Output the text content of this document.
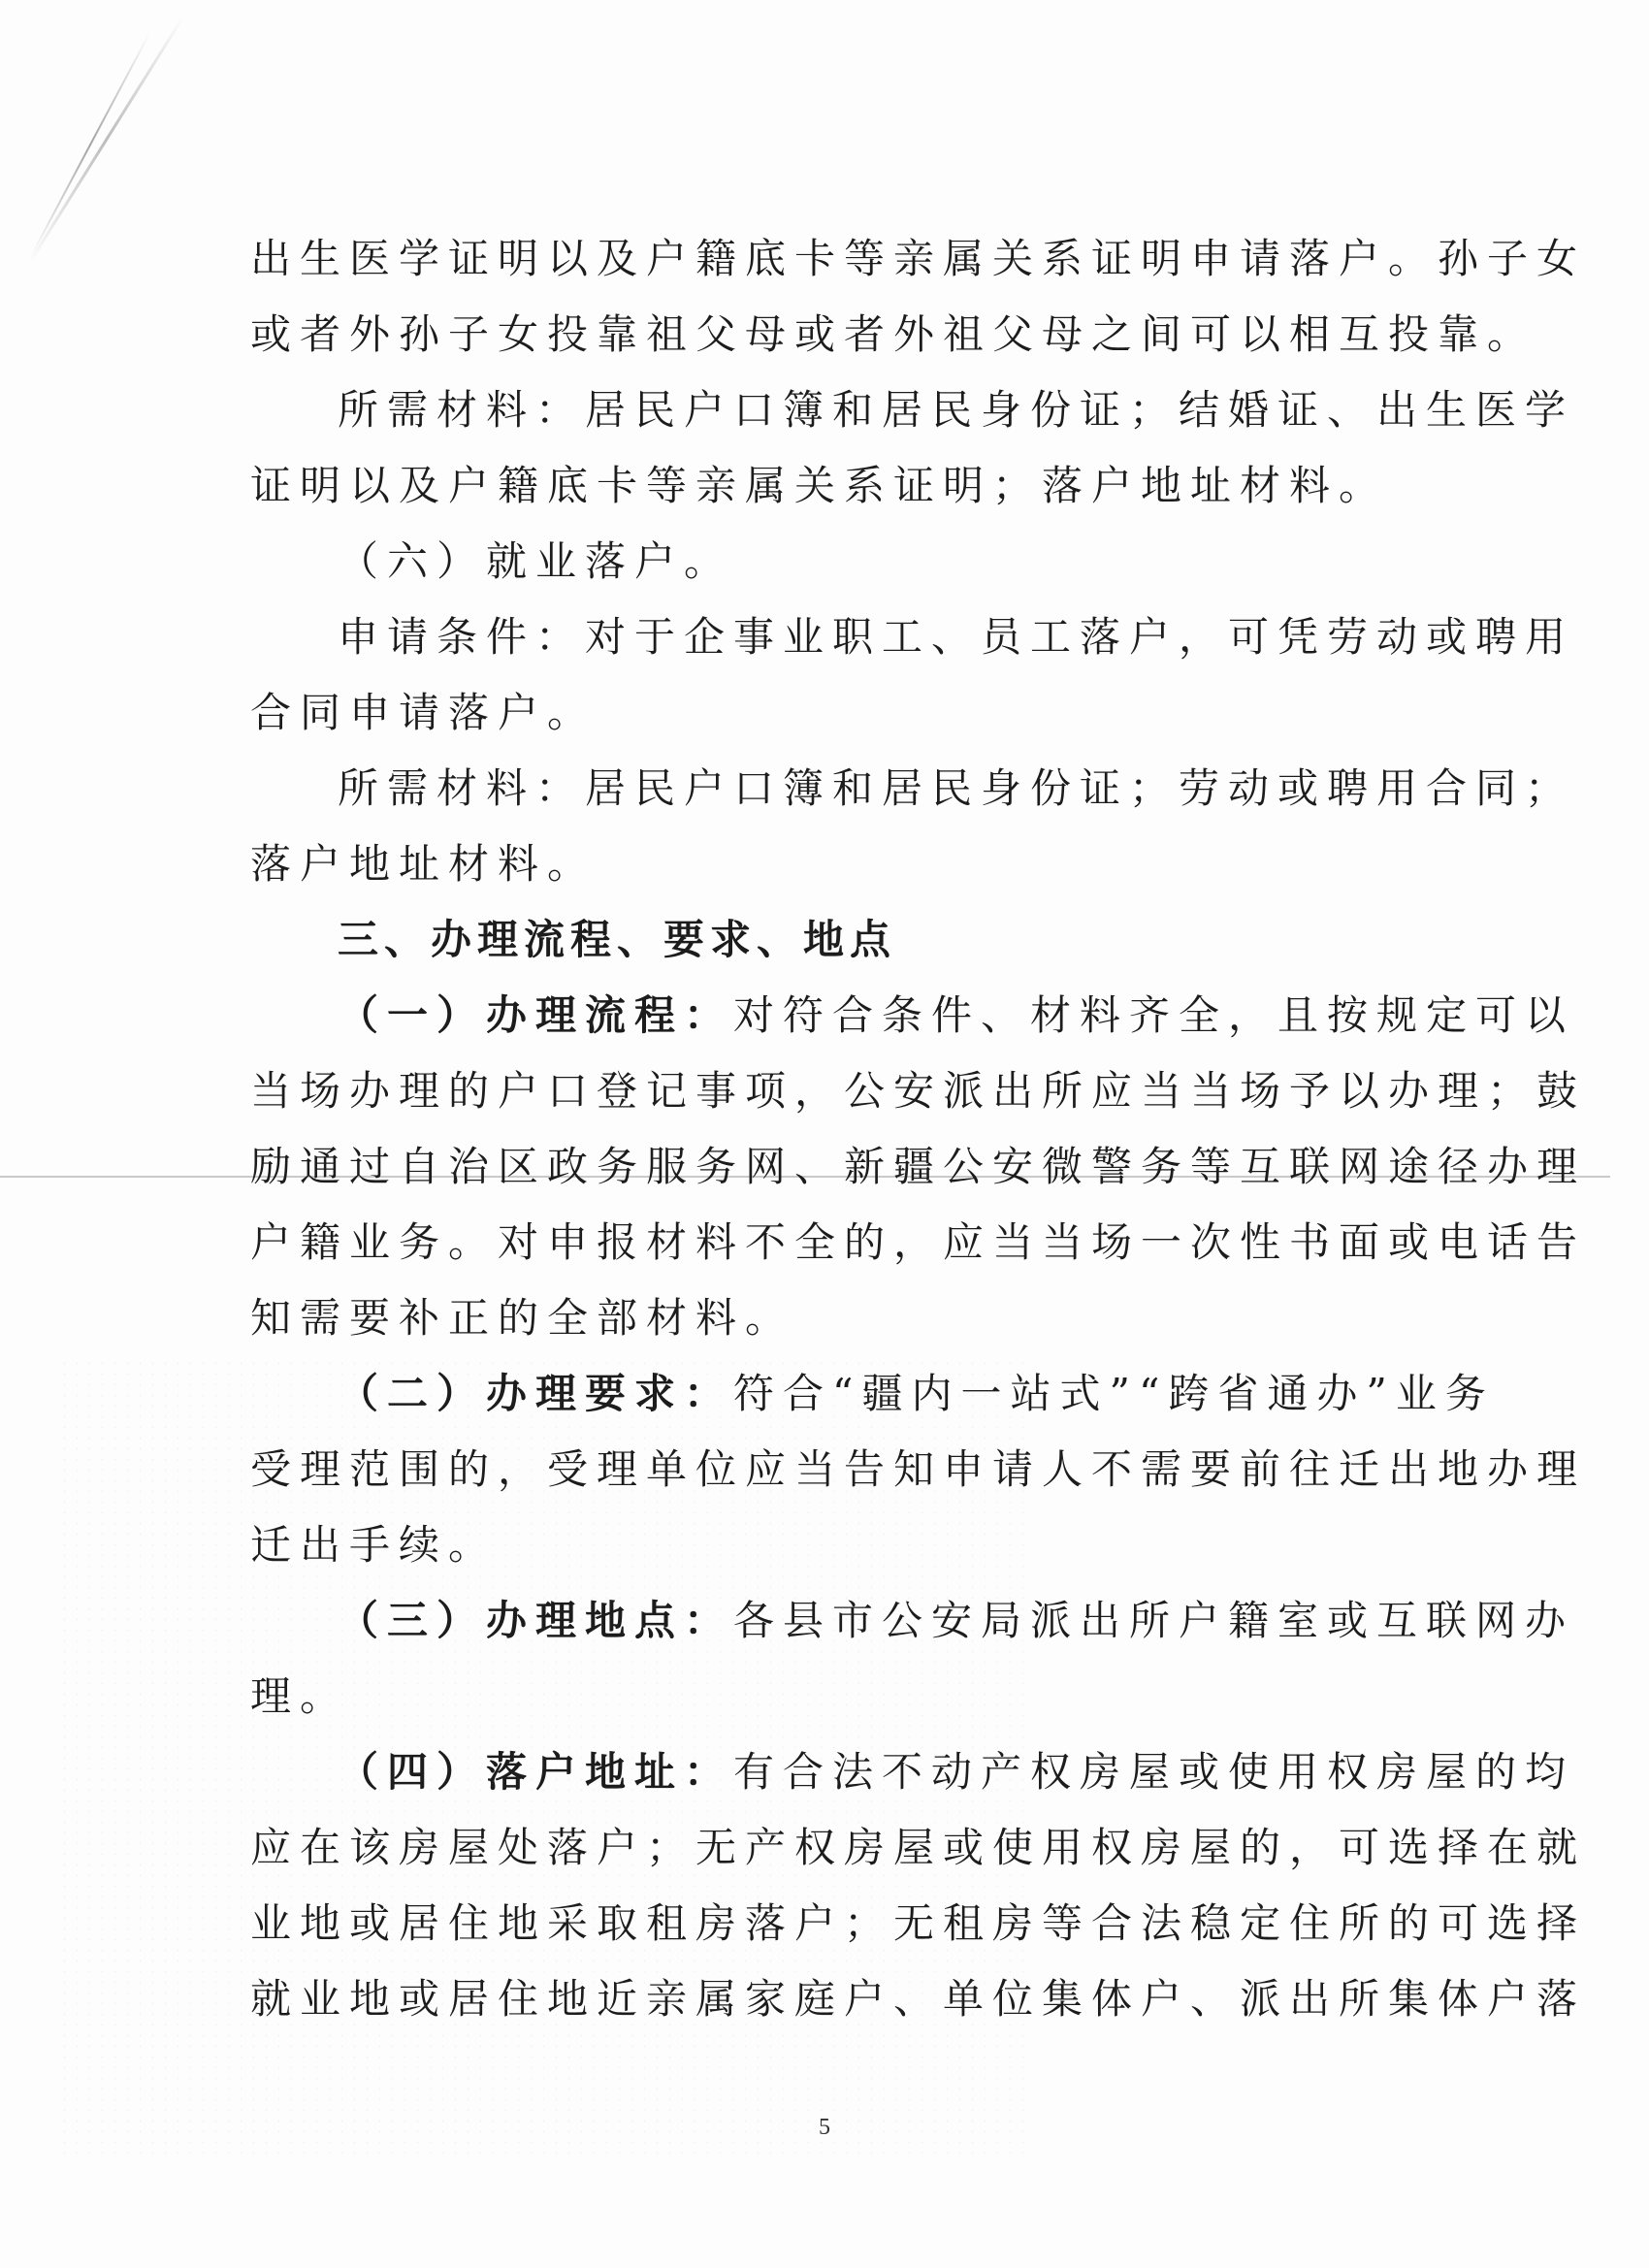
出生医学证明以及户籍底卡等亲属关系证明申请落户。孙子女
或者外孙子女投靠祖父母或者外祖父母之间可以相互投靠。
所需材料：居民户口簿和居民身份证；结婚证、出生医学
证明以及户籍底卡等亲属关系证明；落户地址材料。
（六）就业落户。
申请条件：对于企事业职工、员工落户，可凭劳动或聘用
合同申请落户。
所需材料：居民户口簿和居民身份证；劳动或聘用合同；
落户地址材料。
三、办理流程、要求、地点
（一）办理流程：对符合条件、材料齐全，且按规定可以
当场办理的户口登记事项，公安派出所应当当场予以办理；鼓
励通过自治区政务服务网、新疆公安微警务等互联网途径办理
户籍业务。对申报材料不全的，应当当场一次性书面或电话告
知需要补正的全部材料。
（二）办理要求：符合“疆内一站式”“跨省通办”业务
受理范围的，受理单位应当告知申请人不需要前往迁出地办理
迁出手续。
（三）办理地点：各县市公安局派出所户籍室或互联网办
理。
（四）落户地址：有合法不动产权房屋或使用权房屋的均
应在该房屋处落户；无产权房屋或使用权房屋的，可选择在就
业地或居住地采取租房落户；无租房等合法稳定住所的可选择
就业地或居住地近亲属家庭户、单位集体户、派出所集体户落
5
